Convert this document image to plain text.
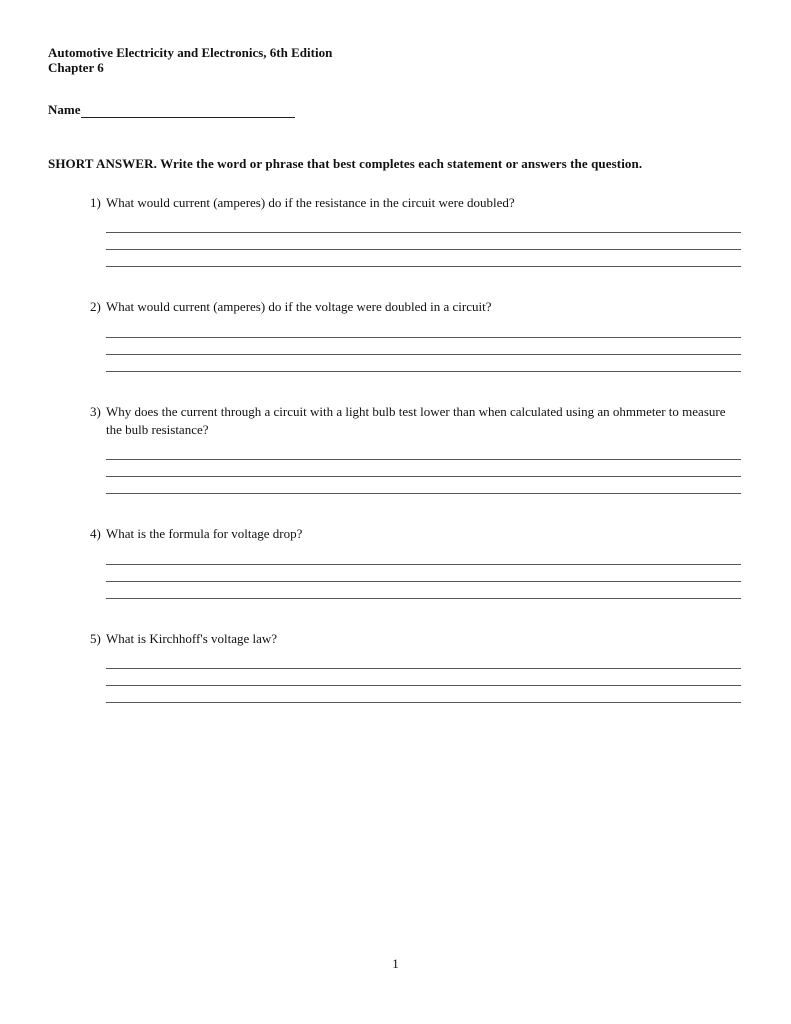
Automotive Electricity and Electronics, 6th Edition
Chapter 6
Name
SHORT ANSWER. Write the word or phrase that best completes each statement or answers the question.
1) What would current (amperes) do if the resistance in the circuit were doubled?
2) What would current (amperes) do if the voltage were doubled in a circuit?
3) Why does the current through a circuit with a light bulb test lower than when calculated using an ohmmeter to measure the bulb resistance?
4) What is the formula for voltage drop?
5) What is Kirchhoff's voltage law?
1
